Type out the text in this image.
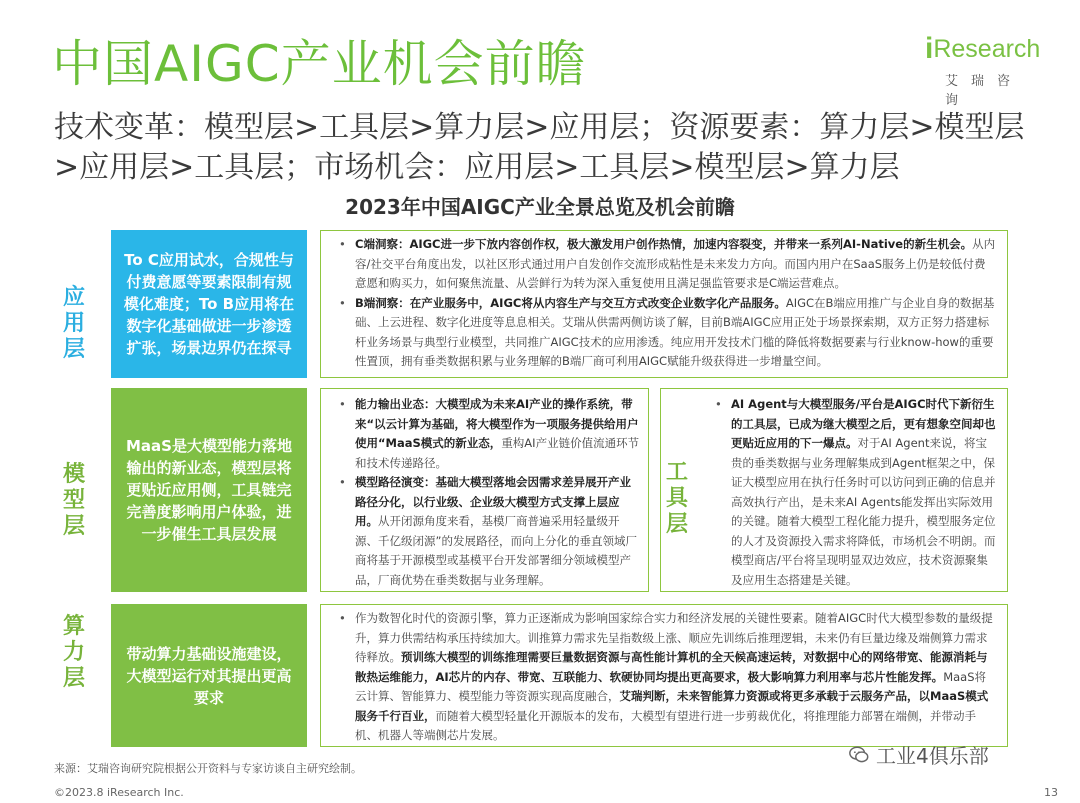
中国AIGC产业机会前瞻	i Research
艾瑞咨询
技术变革：模型层>工具层>算力层>应用层；资源要素：算力层>模型层>应用层>工具层；市场机会：应用层>工具层>模型层>算力层
2023年中国AIGC产业全景总览及机会前瞻
应用层
To C应用试水，合规性与付费意愿等要素限制有规模化难度；To B应用将在数字化基础做进一步渗透扩张，场景边界仍在探寻
• C端洞察：AIGC进一步下放内容创作权，极大激发用户创作热情，加速内容裂变，并带来一系列AI-Native的新生机会。从内容/社交平台角度出发，以社区形式通过用户自发创作交流形成粘性是未来发力方向。而国内用户在SaaS服务上仍是较低付费意愿和购买力，如何聚焦流量、从尝鲜行为转为深入重复使用且满足强监管要求是C端运营难点。
• B端洞察：在产业服务中，AIGC将从内容生产与交互方式改变企业数字化产品服务。AIGC在B端应用推广与企业自身的数据基础、上云进程、数字化进度等息息相关。艾瑞从供需两侧访谈了解，目前B端AIGC应用正处于场景探索期，双方正努力搭建标杆业务场景与典型行业模型，共同推广AIGC技术的应用渗透。纯应用开发技术门槛的降低将数据要素与行业know-how的重要性置顶，拥有垂类数据积累与业务理解的B端厂商可利用AIGC赋能升级获得进一步增量空间。
模型层
MaaS是大模型能力落地输出的新业态，模型层将更贴近应用侧，工具链完完善度影响用户体验，进一步催生工具层发展
• 能力输出业态：大模型成为未来AI产业的操作系统，带来“以云计算为基础，将大模型作为一项服务提供给用户使用“MaaS模式的新业态，重构AI产业链价值流通环节和技术传递路径。
• 模型路径演变：基础大模型落地会因需求差异展开产业路径分化，以行业级、企业级大模型方式支撑上层应用。从开闭源角度来看，基模厂商普遍采用轻量级开源、千亿级闭源”的发展路径，而向上分化的垂直领域厂商将基于开源模型或基模平台开发部署细分领域模型产品，厂商优势在垂类数据与业务理解。
• AI Agent与大模型服务/平台是AIGC时代下新衍生的工具层，已成为继大模型之后，更有想象空间却也更贴近应用的下一爆点。对于AI Agent来说，将宝贵的垂类数据与业务理解集成到Agent框架之中，保证大模型应用在执行任务时可以访问到正确的信息并高效执行产出，是未来AI Agents能发挥出实际效用的关键。随着大模型工程化能力提升，模型服务定位的人才及资源投入需求将降低，市场机会不明朗。而模型商店/平台将呈现明显双边效应，技术资源聚集及应用生态搭建是关键。
工具层
算力层
带动算力基础设施建设，大模型运行对其提出更高要求
• 作为数智化时代的资源引擎，算力正逐渐成为影响国家综合实力和经济发展的关键性要素。随着AIGC时代大模型参数的量级提升，算力供需结构承压持续加大。训推算力需求先呈指数级上涨、顺应先训练后推理逻辑，未来仍有巨量边缘及端侧算力需求待释放。预训练大模型的训练推理需要巨量数据资源与高性能计算机的全天候高速运转，对数据中心的网络带宽、能源消耗与散热运维能力，AI芯片的内存、带宽、互联能力、软硬协同均提出更高要求，极大影响算力利用率与芯片性能发挥。MaaS将云计算、智能算力、模型能力等资源实现高度融合，艾瑞判断，未来智能算力资源或将更多承载于云服务产品，以MaaS模式服务千行百业，而随着大模型轻量化开源版本的发布，大模型有望进行进一步剪裁优化，将推理能力部署在端侧，并带动手机、机器人等端侧芯片发展。
来源：艾瑞咨询研究院根据公开资料与专家访谈自主研究绘制。
©2023.8 iResearch Inc.
工业4俱乐部
13
